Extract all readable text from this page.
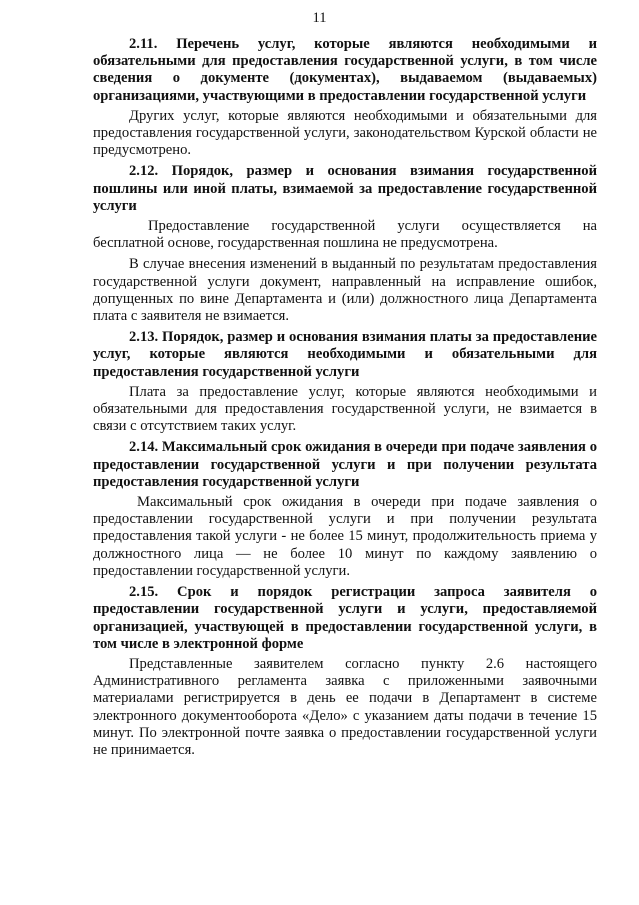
11
2.11. Перечень услуг, которые являются необходимыми и обязательными для предоставления государственной услуги, в том числе сведения о документе (документах), выдаваемом (выдаваемых) организациями, участвующими в предоставлении государственной услуги
Других услуг, которые являются необходимыми и обязательными для предоставления государственной услуги, законодательством Курской области не предусмотрено.
2.12. Порядок, размер и основания взимания государственной пошлины или иной платы, взимаемой за предоставление государственной услуги
Предоставление государственной услуги осуществляется на бесплатной основе, государственная пошлина не предусмотрена.
В случае внесения изменений в выданный по результатам предоставления государственной услуги документ, направленный на исправление ошибок, допущенных по вине Департамента и (или) должностного лица Департамента плата с заявителя не взимается.
2.13. Порядок, размер и основания взимания платы за предоставление услуг, которые являются необходимыми и обязательными для предоставления государственной услуги
Плата за предоставление услуг, которые являются необходимыми и обязательными для предоставления государственной услуги, не взимается в связи с отсутствием таких услуг.
2.14. Максимальный срок ожидания в очереди при подаче заявления о предоставлении государственной услуги и при получении результата предоставления государственной услуги
Максимальный срок ожидания в очереди при подаче заявления о предоставлении государственной услуги и при получении результата предоставления такой услуги - не более 15 минут, продолжительность приема у должностного лица — не более 10 минут по каждому заявлению о предоставлении государственной услуги.
2.15. Срок и порядок регистрации запроса заявителя о предоставлении государственной услуги и услуги, предоставляемой организацией, участвующей в предоставлении государственной услуги, в том числе в электронной форме
Представленные заявителем согласно пункту 2.6 настоящего Административного регламента заявка с приложенными заявочными материалами регистрируется в день ее подачи в Департамент в системе электронного документооборота «Дело» с указанием даты подачи в течение 15 минут. По электронной почте заявка о предоставлении государственной услуги не принимается.
